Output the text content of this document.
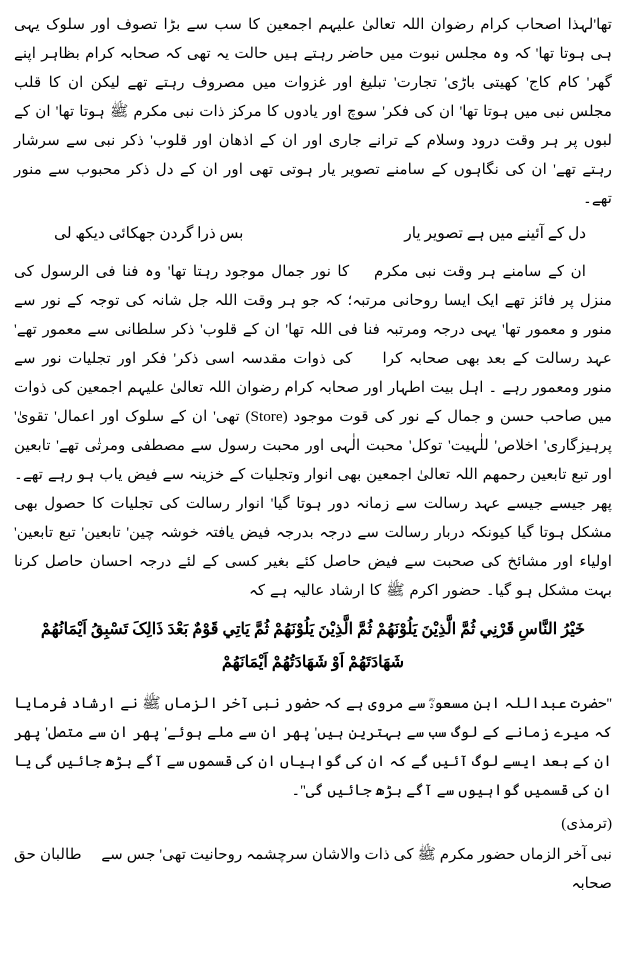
تھا'لہذا اصحاب کرام رضوان اللہ تعالیٰ علیہم اجمعین کا سب سے بڑا تصوف اور سلوک یہی ہی ہوتا تھا' کہ وہ مجلس نبوت میں حاضر رہتے ہیں حالت یہ تھی کہ صحابہ کرام بظاہر اپنے گھر' کام کاج' کھیتی باڑی' تجارت' تبلیغ اور غزوات میں مصروف رہتے تھے لیکن ان کا قلب مجلس نبی میں ہوتا تھا' ان کی فکر' سوچ اور یادوں کا مرکز ذات نبی مکرم ﷺ ہوتا تھا' ان کے لبوں پر ہر وقت درود وسلام کے ترانے جاری اور ان کے اذھان اور قلوب' ذکر نبی سے سرشار رہتے تھے' ان کی نگاہوں کے سامنے تصویر یار ہوتی تھی اور ان کے دل ذکر محبوب سے منور تھے۔

دل کے آئینے میں ہے تصویر یار
بس ذرا گردن جھکائی دیکھ لی

ان کے سامنے ہر وقت نبی مکرم ﷺ کا نور جمال موجود رہتا تھا' وہ فنا فی الرسول کی منزل پر فائز تھے ایک ایسا روحانی مرتبہ؛ کہ جو ہر وقت اللہ جل شانہ کی توجہ کے نور سے منور و معمور تھا' یہی درجہ ومرتبہ فنا فی اللہ تھا' ان کے قلوب' ذکر سلطانی سے معمور تھے' عہد رسالت کے بعد بھی صحابہ کرامؓ کی ذوات مقدسہ اسی ذکر' فکر اور تجلیات نور سے منور ومعمور رہے ۔ اہل بیت اطہار اور صحابہ کرام رضوان اللہ تعالیٰ علیہم اجمعین کی ذوات میں صاحب حسن و جمال کے نور کی قوت موجود (Store) تھی' ان کے سلوک اور اعمال' تقویٰ' پرہیزگاری' اخلاص' للٰہیت' توکل' محبت الٰہی اور محبت رسول سے مصطفی ومرتٰی تھے' تابعین اور تبع تابعین رحمھم اللہ تعالیٰ اجمعین بھی انوار وتجلیات کے خزینہ سے فیض یاب ہو رہے تھے۔ پھر جیسے جیسے عہد رسالت سے زمانہ دور ہوتا گیا' انوار رسالت کی تجلیات کا حصول بھی مشکل ہوتا گیا کیونکہ دربار رسالت سے درجہ بدرجہ فیض یافتہ خوشہ چین' تابعین' تبع تابعین' اولیاء اور مشائخ کی صحبت سے فیض حاصل کئے بغیر کسی کے لئے درجہ احسان حاصل کرنا بہت مشکل ہو گیا۔ حضور اکرم ﷺ کا ارشاد عالیہ ہے کہ

خَيْرُ النَّاسِ قَرْنِي ثُمَّ الَّذِيْنَ يَلُوْنَهُمْ ثُمَّ الَّذِيْنَ يَلُوْنَهُمْ ثُمَّ يَاتِي قَوْمٌ بَعْدَ ذَالِکَ تَسْبِقُ اَيْمَانُهُمْ
شَهَادَتَهُمْ اَوْ شَهَادَتُهُمْ اَيْمَانَهُمْ

''حضرت عبداللہ ابن مسعودؓ سے مروی ہے کہ حضور نبی آخر الزماں ﷺ نے ارشاد فرمایا کہ میرے زمانے کے لوگ سب سے بہترین ہیں' پھر ان سے ملے ہوئے' پھر ان سے متصل' پھر ان کے بعد ایسے لوگ آئیں گے کہ ان کی گواہیاں ان کی قسموں سے آگے بڑھ جائیں گی یا ان کی قسمیں گواہیوں سے آگے بڑھ جائیں گی''۔

(ترمذی)

نبی آخر الزماں حضور مکرم ﷺ کی ذات والاشان سرچشمہ روحانیت تھی' جس سے     طالبان حق صحابہ
